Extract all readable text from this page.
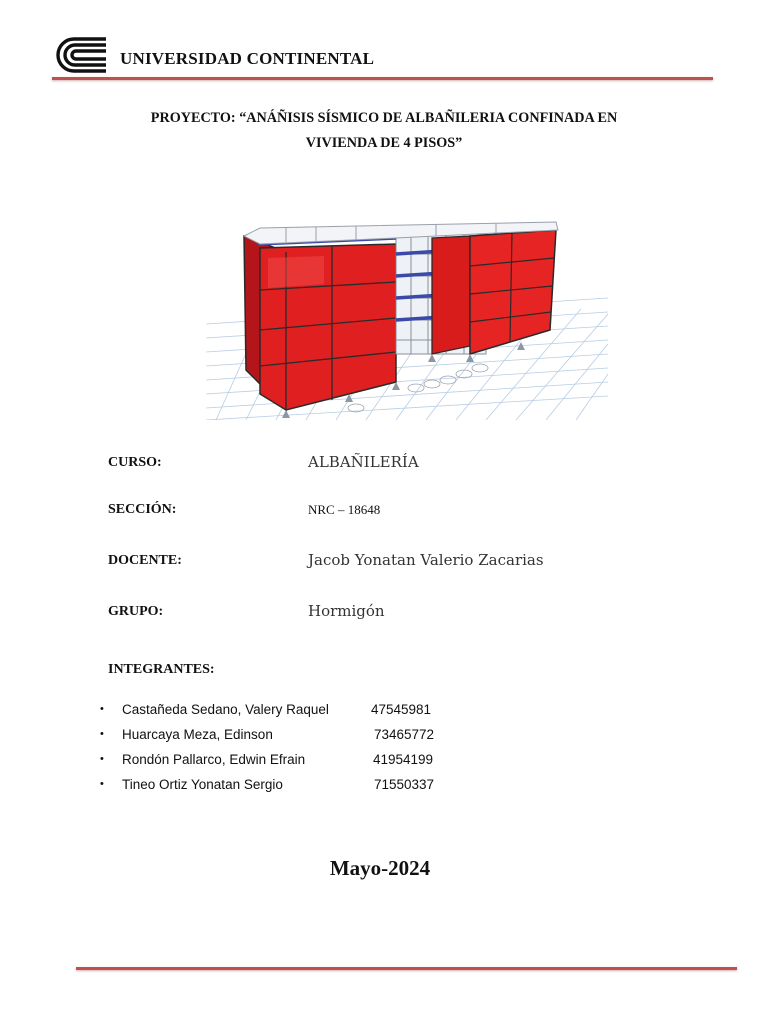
UNIVERSIDAD CONTINENTAL
PROYECTO: “ANÁÑISIS SÍSMICO DE ALBAÑILERIA CONFINADA EN
VIVIENDA DE 4 PISOS”
CURSO:	ALBAÑILERÍA
SECCIÓN:	NRC – 18648
DOCENTE:	Jacob Yonatan Valerio Zacarias
GRUPO:	Hormigón
INTEGRANTES:
• Castañeda Sedano, Valery Raquel	47545981
• Huarcaya Meza, Edinson	73465772
• Rondón Pallarco, Edwin Efrain	41954199
• Tineo Ortiz Yonatan Sergio	71550337
Mayo-2024
